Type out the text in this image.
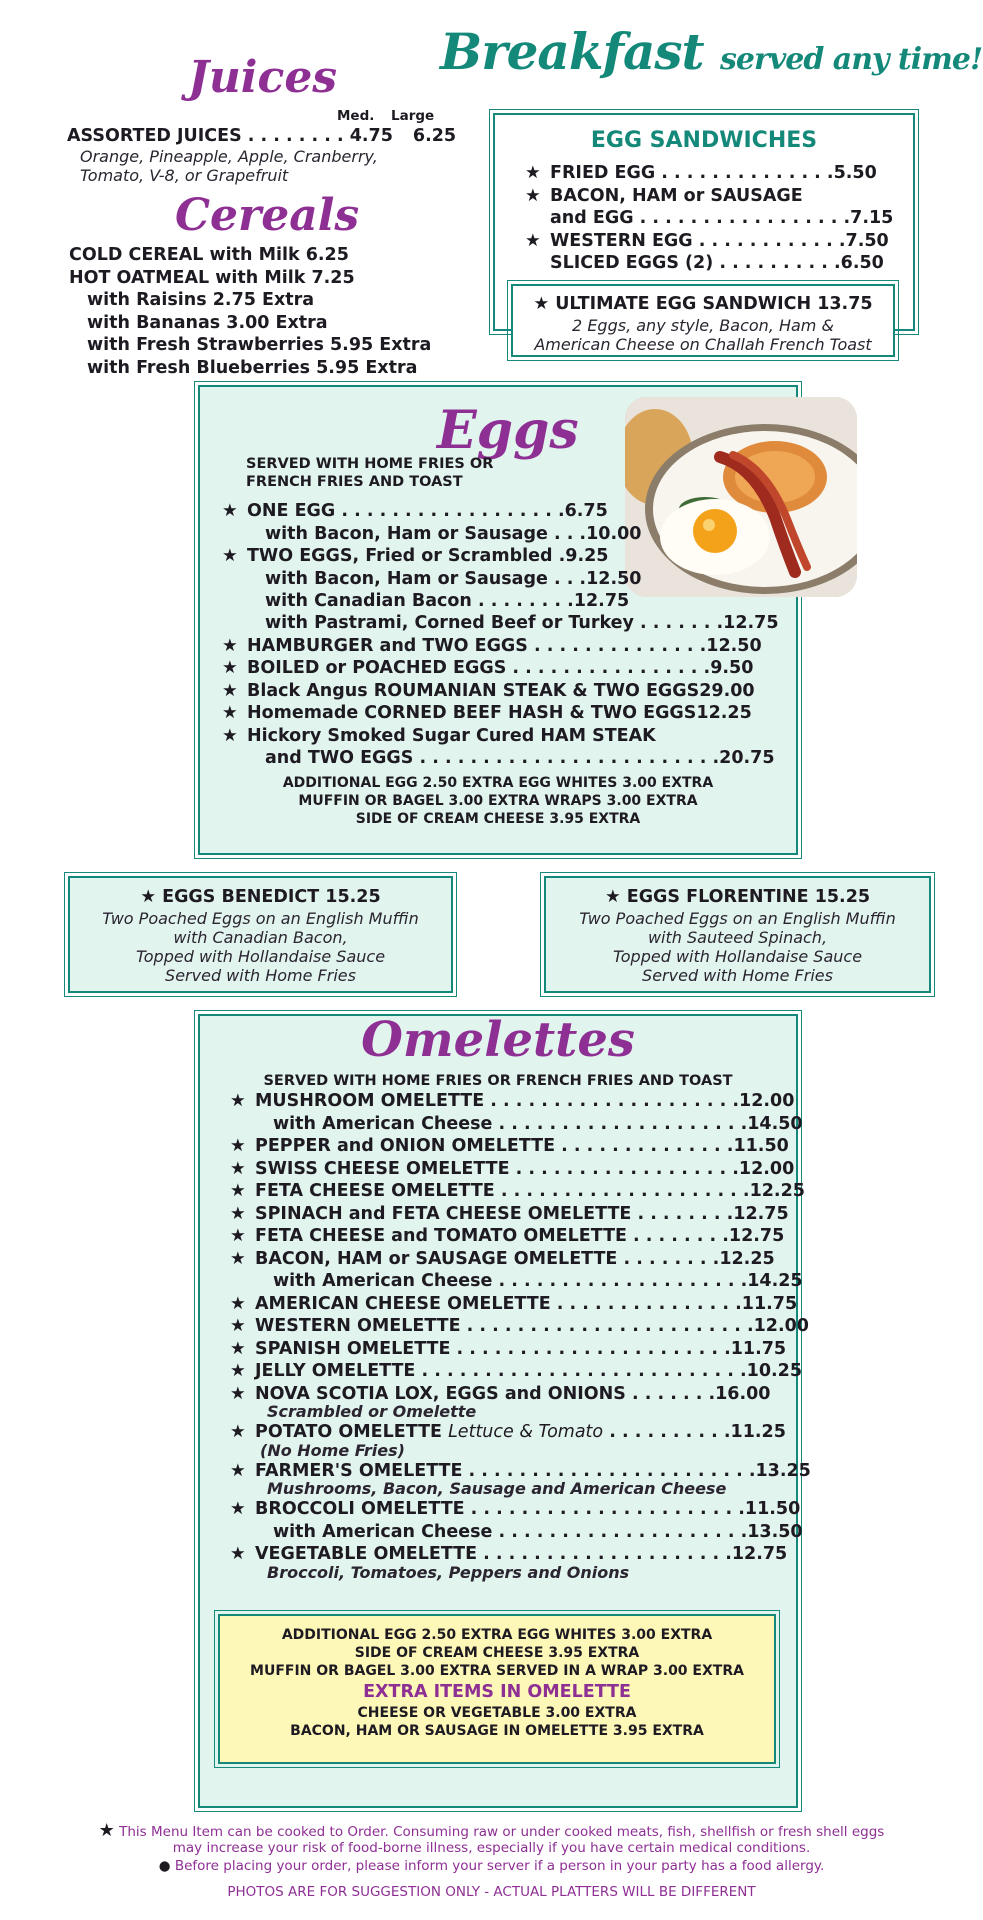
Breakfast served any time!
Juices
Med. Large
ASSORTED JUICES . . . . . . . . 4.75 6.25
Orange, Pineapple, Apple, Cranberry,
Tomato, V-8, or Grapefruit
Cereals
COLD CEREAL with Milk 6.25
HOT OATMEAL with Milk 7.25
with Raisins 2.75 Extra
with Bananas 3.00 Extra
with Fresh Strawberries 5.95 Extra
with Fresh Blueberries 5.95 Extra
EGG SANDWICHES
★ FRIED EGG . . . . . . . . . . . . . . 5.50
★ BACON, HAM or SAUSAGE
and EGG . . . . . . . . . . . . . . . . . 7.15
★ WESTERN EGG . . . . . . . . . . . . 7.50
SLICED EGGS (2) . . . . . . . . . . 6.50
★ ULTIMATE EGG SANDWICH 13.75
2 Eggs, any style, Bacon, Ham &
American Cheese on Challah French Toast
Eggs
SERVED WITH HOME FRIES OR
FRENCH FRIES AND TOAST
★ ONE EGG . . . . . . . . . . . . . . . . . . 6.75
with Bacon, Ham or Sausage . . . 10.00
★ TWO EGGS, Fried or Scrambled . 9.25
with Bacon, Ham or Sausage . . . 12.50
with Canadian Bacon . . . . . . . . 12.75
with Pastrami, Corned Beef or Turkey . . . . . . . 12.75
★ HAMBURGER and TWO EGGS . . . . . . . . . . . . . . 12.50
★ BOILED or POACHED EGGS . . . . . . . . . . . . . . . . 9.50
★ Black Angus ROUMANIAN STEAK & TWO EGGS 29.00
★ Homemade CORNED BEEF HASH & TWO EGGS 12.25
★ Hickory Smoked Sugar Cured HAM STEAK
and TWO EGGS . . . . . . . . . . . . . . . . . . . . . . . . 20.75
ADDITIONAL EGG 2.50 EXTRA EGG WHITES 3.00 EXTRA
MUFFIN OR BAGEL 3.00 EXTRA WRAPS 3.00 EXTRA
SIDE OF CREAM CHEESE 3.95 EXTRA
★ EGGS BENEDICT 15.25
Two Poached Eggs on an English Muffin
with Canadian Bacon,
Topped with Hollandaise Sauce
Served with Home Fries
★ EGGS FLORENTINE 15.25
Two Poached Eggs on an English Muffin
with Sauteed Spinach,
Topped with Hollandaise Sauce
Served with Home Fries
Omelettes
SERVED WITH HOME FRIES OR FRENCH FRIES AND TOAST
★ MUSHROOM OMELETTE . . . . . . . . . . . . . . . . . . . . 12.00
with American Cheese . . . . . . . . . . . . . . . . . . . . 14.50
★ PEPPER and ONION OMELETTE . . . . . . . . . . . . . . 11.50
★ SWISS CHEESE OMELETTE . . . . . . . . . . . . . . . . . . 12.00
★ FETA CHEESE OMELETTE . . . . . . . . . . . . . . . . . . . . 12.25
★ SPINACH and FETA CHEESE OMELETTE . . . . . . . . 12.75
★ FETA CHEESE and TOMATO OMELETTE . . . . . . . . 12.75
★ BACON, HAM or SAUSAGE OMELETTE . . . . . . . . 12.25
with American Cheese . . . . . . . . . . . . . . . . . . . . 14.25
★ AMERICAN CHEESE OMELETTE . . . . . . . . . . . . . . . 11.75
★ WESTERN OMELETTE . . . . . . . . . . . . . . . . . . . . . . . 12.00
★ SPANISH OMELETTE . . . . . . . . . . . . . . . . . . . . . . 11.75
★ JELLY OMELETTE . . . . . . . . . . . . . . . . . . . . . . . . . . 10.25
★ NOVA SCOTIA LOX, EGGS and ONIONS . . . . . . . 16.00
Scrambled or Omelette
★ POTATO OMELETTE Lettuce & Tomato . . . . . . . . . . 11.25
(No Home Fries)
★ FARMER'S OMELETTE . . . . . . . . . . . . . . . . . . . . . . . 13.25
Mushrooms, Bacon, Sausage and American Cheese
★ BROCCOLI OMELETTE . . . . . . . . . . . . . . . . . . . . . . 11.50
with American Cheese . . . . . . . . . . . . . . . . . . . . 13.50
★ VEGETABLE OMELETTE . . . . . . . . . . . . . . . . . . . . 12.75
Broccoli, Tomatoes, Peppers and Onions
ADDITIONAL EGG 2.50 EXTRA EGG WHITES 3.00 EXTRA
SIDE OF CREAM CHEESE 3.95 EXTRA
MUFFIN OR BAGEL 3.00 EXTRA SERVED IN A WRAP 3.00 EXTRA
EXTRA ITEMS IN OMELETTE
CHEESE OR VEGETABLE 3.00 EXTRA
BACON, HAM OR SAUSAGE IN OMELETTE 3.95 EXTRA
★ This Menu Item can be cooked to Order. Consuming raw or under cooked meats, fish, shellfish or fresh shell eggs
may increase your risk of food-borne illness, especially if you have certain medical conditions.
● Before placing your order, please inform your server if a person in your party has a food allergy.
PHOTOS ARE FOR SUGGESTION ONLY - ACTUAL PLATTERS WILL BE DIFFERENT
